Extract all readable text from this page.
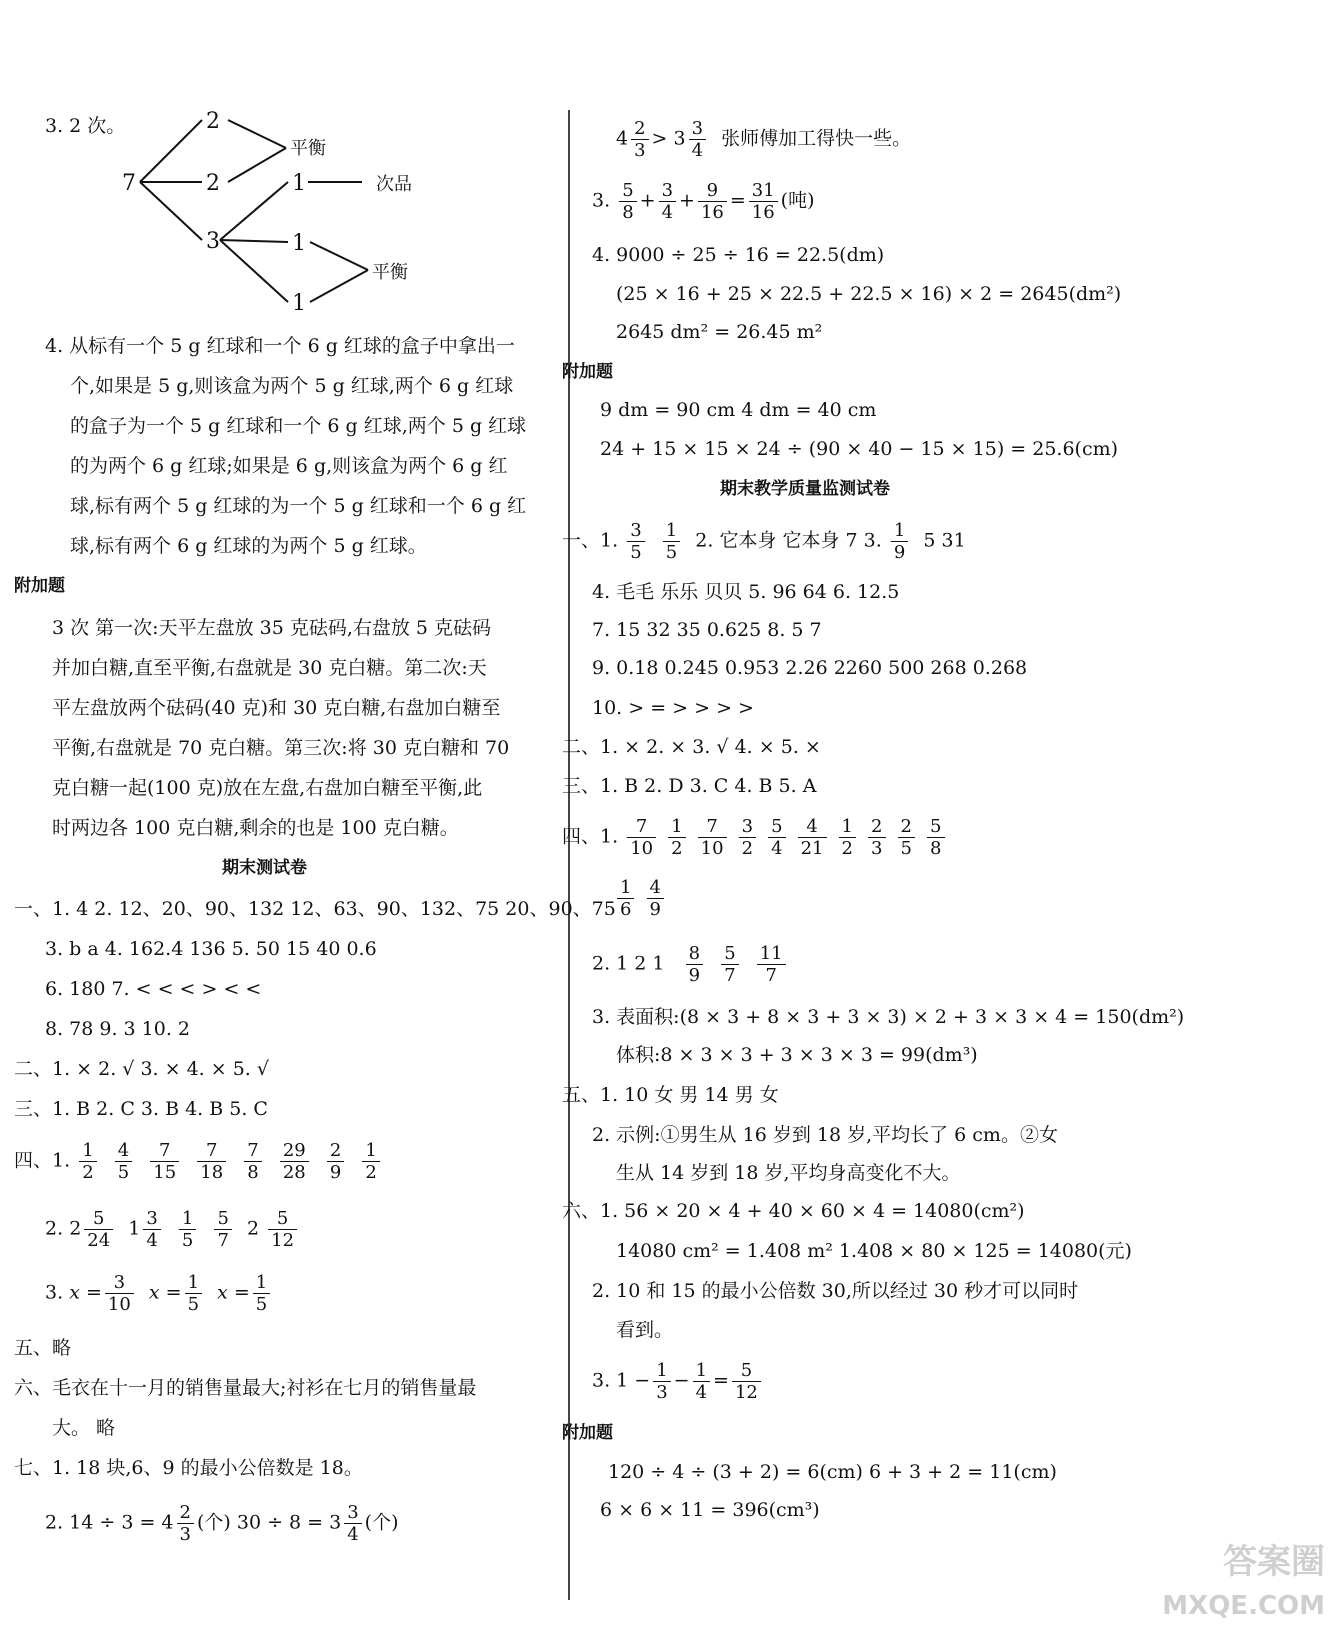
3. 2 次。
7
2
2
3
1
1
1
平衡
次品
平衡
4. 从标有一个 5 g 红球和一个 6 g 红球的盒子中拿出一
个,如果是 5 g,则该盒为两个 5 g 红球,两个 6 g 红球
的盒子为一个 5 g 红球和一个 6 g 红球,两个 5 g 红球
的为两个 6 g 红球;如果是 6 g,则该盒为两个 6 g 红
球,标有两个 5 g 红球的为一个 5 g 红球和一个 6 g 红
球,标有两个 6 g 红球的为两个 5 g 红球。
附加题
3 次 第一次:天平左盘放 35 克砝码,右盘放 5 克砝码
并加白糖,直至平衡,右盘就是 30 克白糖。第二次:天
平左盘放两个砝码(40 克)和 30 克白糖,右盘加白糖至
平衡,右盘就是 70 克白糖。第三次:将 30 克白糖和 70
克白糖一起(100 克)放在左盘,右盘加白糖至平衡,此
时两边各 100 克白糖,剩余的也是 100 克白糖。
期末测试卷
一、1. 4 2. 12、20、90、132 12、63、90、132、75 20、90、75
3. b a 4. 162.4 136 5. 50 15 40 0.6
6. 180 7. < < < > < <
8. 78 9. 3 10. 2
二、1. × 2. √ 3. × 4. × 5. √
三、1. B 2. C 3. B 4. B 5. C
四、1. $\frac{1}{2}$
$\frac{4}{5}$
$\frac{7}{15}$
$\frac{7}{18}$
$\frac{7}{8}$
$\frac{29}{28}$
$\frac{2}{9}$
$\frac{1}{2}$
2. $2 \frac{5}{24} 1 \frac{3}{4}$
$\frac{1}{5}$
$\frac{5}{7} 2 \frac{5}{12}$
3. $x = \frac{3}{10}$ $x = \frac{1}{5}$ $x = \frac{1}{5}$
五、略
六、毛衣在十一月的销售量最大;衬衫在七月的销售量最
大。 略
七、1. 18 块,6、9 的最小公倍数是 18。
2. $14 \div 3 = 4 \frac{2}{3}$ (个) $30 \div 8 = 3 \frac{3}{4}$ (个)
$4 \frac{2}{3} > 3 \frac{3}{4}$ 张师傅加工得快一些。
3. $\frac{5}{8} + \frac{3}{4} + \frac{9}{16} = \frac{31}{16}$ (吨)
4. 9000 ÷ 25 ÷ 16 = 22.5(dm)
(25 × 16 + 25 × 22.5 + 22.5 × 16) × 2 = 2645(dm²)
2645 dm² = 26.45 m²
附加题
9 dm = 90 cm 4 dm = 40 cm
24 + 15 × 15 × 24 ÷ (90 × 40 − 15 × 15) = 25.6(cm)
期末教学质量监测试卷
一、1. $\frac{3}{5}$
$\frac{1}{5} 2$. 它本身 它本身 7 3. $\frac{1}{9} 5$ 31
4. 毛毛 乐乐 贝贝 5. 96 64 6. 12.5
7. 15 32 35 0.625 8. 5 7
9. 0.18 0.245 0.953 2.26 2260 500 268 0.268
10. > = > > > >
二、1. × 2. × 3. √ 4. × 5. ×
三、1. B 2. D 3. C 4. B 5. A
四、1. $\frac{7}{10}$
$\frac{1}{2}$
$\frac{7}{10}$
$\frac{3}{2}$
$\frac{5}{4}$
$\frac{4}{21}$
$\frac{1}{2}$
$\frac{2}{3}$
$\frac{2}{5}$
$\frac{5}{8}$
$\frac{1}{6}$
$\frac{4}{9}$
2. 1 2 $1 \frac{8}{9}$
$\frac{5}{7}$
$\frac{11}{7}$
3. 表面积:(8 × 3 + 8 × 3 + 3 × 3) × 2 + 3 × 3 × 4 = 150(dm²)
体积:8 × 3 × 3 + 3 × 3 × 3 = 99(dm³)
五、1. 10 女 男 14 男 女
2. 示例:①男生从 16 岁到 18 岁,平均长了 6 cm。②女
生从 14 岁到 18 岁,平均身高变化不大。
六、1. 56 × 20 × 4 + 40 × 60 × 4 = 14080(cm²)
14080 cm² = 1.408 m² 1.408 × 80 × 125 = 14080(元)
2. 10 和 15 的最小公倍数 30,所以经过 30 秒才可以同时
看到。
3. $1 - \frac{1}{3} - \frac{1}{4} = \frac{5}{12}$
附加题
120 ÷ 4 ÷ (3 + 2) = 6(cm) 6 + 3 + 2 = 11(cm)
6 × 6 × 11 = 396(cm³)
答案圈
MXQE.COM
